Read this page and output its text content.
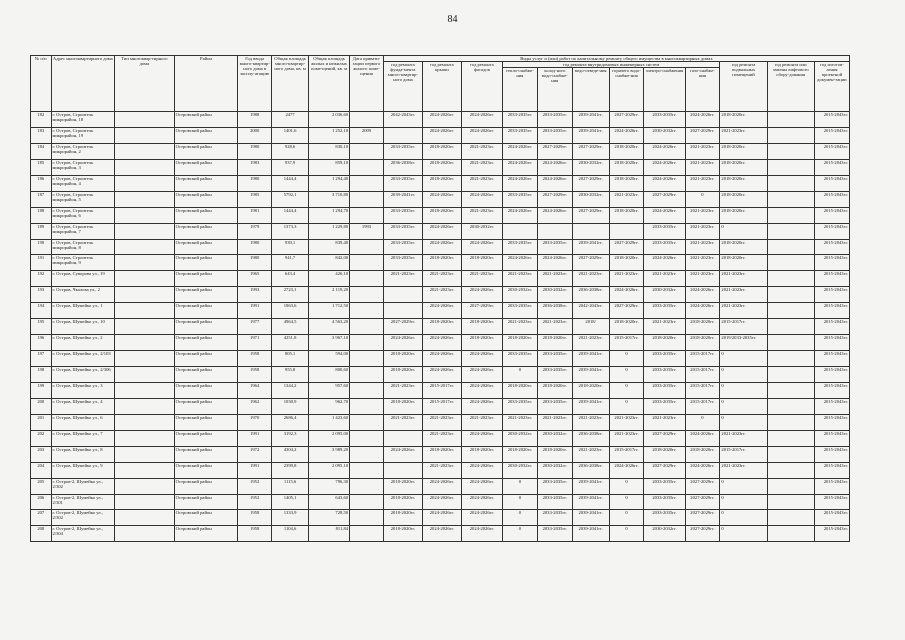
84
№ п/п	Адрес многоквартирного дома	Тип многоквар-тирного дома	Район	Год ввода много-квартир-ного дома в эксплу-атацию	Общая площадь много-квартир-ного дома, кв. м	Общая площадь жилых и нежилых поме-щений, кв. м	Дата привати-зации первого жилого поме-щения	Виды услуг и (или) работ по капитальному ремонту общего имущества в многоквартирных домах											
								год ремонта фунда-мента много-квартир-ного дома	год ремонта крыши	год ремонта фасадов	год ремонта внутридомовых инженерных систем						год ремонта подвальных помещений	год ремонта или замены лифтового обору-дования	год изготов-ления проектной докумен-тации
											тепло-снабже-ния	холод-ного водо-снабже-ния	водо-отведе-ния	горячего водо-снабже-ния	электро-снабжения	газо-снабже-ния			
182	г. Остров, Строитель микрорайон, 18		Островский район	1988	2477	2 036,60		2042-2043гг.	2024-2026гг.	2024-2026гг.	2033-2035гг.	2033-2035гг.	2039-2041гг.	2027-2029гг.	2033-2035гг.	2024-2026гг.	2018-2020гг.		2015-2043гг.
183	г. Остров, Строитель микрорайон, 19		Островский район	2000	1401,6	1 252,10	2009		2024-2026гг.	2024-2026гг.	2033-2035гг.	2033-2035гг.	2039-2041гг.	2024-2026гг.	2030-2032гг.	2027-2029гг.	2021-2023гг.		2015-2043гг.
184	г. Остров, Строитель микрорайон, 2		Островский район	1980	928,6	830,10		2033-2035гг.	2018-2020гг.	2021-2023гг.	2024-2026гг.	2027-2029гг.	2027-2029гг.	2018-2020гг.	2024-2026гг.	2021-2023гг.	2018-2020гг.		2015-2043гг.
185	г. Остров, Строитель микрорайон, 3		Островский район	1983	937,9	859,10		2036-2038гг.	2018-2020гг.	2021-2023гг.	2024-2026гг.	2024-2026гг.	2030-2032гг.	2018-2020гг.	2024-2026гг.	2021-2023гг.	2018-2020гг.		2015-2043гг.
186	г. Остров, Строитель микрорайон, 4		Островский район	1980	1444,4	1 294,40		2033-2035гг.	2018-2020гг.	2021-2023гг.	2024-2026гг.	2024-2026гг.	2027-2029гг.	2018-2020гг.	2024-2026гг.	2021-2023гг.	2018-2020гг.		2015-2043гг.
187	г. Остров, Строитель микрорайон, 5		Островский район	1985	5792,1	3 710,80		2039-2041гг.	2024-2026гг.	2024-2026гг.	2033-2035гг.	2027-2029гг.	2030-2032гг.	2021-2023гг.	2027-2029гг.	0	2018-2020гг.		2015-2043гг.
188	г. Остров, Строитель микрорайон, 6		Островский район	1981	1444,4	1 294,70		2033-2035гг.	2018-2020гг.	2021-2023гг.	2024-2026гг.	2024-2026гг.	2027-2029гг.	2018-2020гг.	2024-2026гг.	2021-2023гг.	2018-2020гг.		2015-2043гг.
189	г. Остров, Строитель микрорайон, 7		Островский район	1979	1373,3	1 229,80	1993	2033-2035гг.	2024-2026гг.	2030-2032гг.					2033-2035гг.	2021-2023гг.	0		2015-2043гг.
190	г. Остров, Строитель микрорайон, 8		Островский район	1980	939,1	839,40		2033-2035гг.	2024-2026гг.	2024-2026гг.	2033-2035гг.	2033-2035гг.	2039-2041гг.	2027-2029гг.	2033-2035гг.	2021-2023гг.	2018-2020гг.		2015-2043гг.
191	г. Остров, Строитель микрорайон, 9		Островский район	1980	941,7	842,00		2033-2035гг.	2018-2020гг.	2018-2020гг.	2024-2026гг.	2024-2026гг.	2027-2029гг.	2018-2020гг.	2024-2026гг.	2021-2023гг.	2018-2020гг.		2015-2043гг.
192	г. Остров, Суворова ул., 19		Островский район	1965	643,4	426,10		2021-2023гг.	2021-2023гг.	2021-2023гг.	2021-2023гг.	2021-2023гг.	2021-2023гг.	2021-2023гг.	2021-2023гг.	2021-2023гг.	2021-2023гг.		2015-2043гг.
193	г. Остров, Чкалова ул., 2		Островский район	1993	2723,1	2 119,20			2021-2023гг.	2024-2026гг.	2030-2032гг.	2030-2032гг.	2036-2038гг.	2024-2026гг.	2030-2032гг.	2024-2026гг.	2021-2023гг.		2015-2043гг.
194	г. Остров, Шумейко ул., 1		Островский район	1991	1963,6	1 712,50			2024-2026гг.	2027-2029гг.	2033-2035гг.	2036-2038гг.	2042-2043гг.	2027-2029гг.	2033-2035гг.	2024-2026гг.	2021-2023гг.		2015-2043гг.
195	г. Остров, Шумейко ул., 10		Островский район	1977	4964,5	4 563,20		2027-2029гг.	2018-2020гг.	2018-2020гг.	2021-2023гг.	2021-2023гг.	2018/	2018-2020гг.	2021-2023гг.	2018-2020гг.	2015-2017гг.		2015-2043гг.
196	г. Остров, Шумейко ул., 2		Островский район	1971	4251,8	3 967,10		2024-2026гг.	2024-2026гг.	2018-2020гг.	2018-2020гг.	2018-2020гг.	2021-2023гг.	2015-2017гг.	2018-2020гг.	2018-2020гг.	2019/2033-2035гг.		2015-2043гг.
197	г. Остров, Шумейко ул., 2/103		Островский район	1958	805,1	594,00		2018-2020гг.	2024-2026гг.	2024-2026гг.	2033-2035гг.	2033-2035гг.	2039-2041гг.	0	2033-2035гг.	2015-2017гг.	0		2015-2043гг.
198	г. Остров, Шумейко ул., 2/306		Островский район	1958	955,8	800,60		2018-2020гг.	2024-2026гг.	2024-2026гг.	0	2033-2035гг.	2039-2041гг.	0	2033-2035гг.	2015-2017гг.	0		2015-2043гг.
199	г. Остров, Шумейко ул., 3		Островский район	1964	1344,2	957,60		2021-2023гг.	2015-2017гг.	2024-2026гг.	2018-2020гг.	2018-2020гг.	2018-2020гг.	0	2033-2035гг.	2015-2017гг.	0		2015-2043гг.
200	г. Остров, Шумейко ул., 4		Островский район	1962	1030,9	962,70		2018-2020гг.	2015-2017гг.	2024-2026гг.	2033-2035гг.	2033-2035гг.	2039-2041гг.	0	2033-2035гг.	2015-2017гг.	0		2015-2043гг.
201	г. Остров, Шумейко ул., 6		Островский район	1970	2686,4	1 423,60		2021-2023гг.	2021-2023гг.	2021-2023гг.	2021-2023гг.	2021-2023гг.	2021-2023гг.	2021-2023гг.	2021-2023гг.	0	0		2015-2043гг.
202	г. Остров, Шумейко ул., 7		Островский район	1991	3192,3	2 095,00			2021-2023гг.	2024-2026гг.	2030-2032гг.	2030-2032гг.	2036-2038гг.	2021-2023гг.	2027-2029гг.	2024-2026гг.	2021-2023гг.		2015-2043гг.
203	г. Остров, Шумейко ул., 8		Островский район	1972	4304,2	3 989,20		2024-2026гг.	2018-2020гг.	2018-2020гг.	2018-2020гг.	2018-2020гг.	2021-2023гг.	2015-2017гг.	2018-2020гг.	2018-2020гг.	2015-2017гг.		2015-2043гг.
204	г. Остров, Шумейко ул., 9		Островский район	1991	2399,8	2 095,10			2021-2023гг.	2024-2026гг.	2030-2032гг.	2030-2032гг.	2036-2038гг.	2024-2026гг.	2027-2029гг.	2024-2026гг.	2021-2023гг.		2015-2043гг.
205	г. Остров-2, Шумейко ул., 2/302		Островский район	1952	1115,6	796,30		2018-2020гг.	2024-2026гг.	2024-2026гг.	0	2033-2035гг.	2039-2041гг.	0	2033-2035гг.	2027-2029гг.	0		2015-2043гг.
206	г. Остров-2, Шумейко ул., 2/301		Островский район	1952	1405,1	643,60		2018-2020гг.	2024-2026гг.	2024-2026гг.	0	2033-2035гг.	2039-2041гг.	0	2033-2035гг.	2027-2029гг.	0		2015-2043гг.
207	г. Остров-2, Шумейко ул., 2/302		Островский район	1958	1333,9	728,50		2018-2020гг.	2024-2026гг.	2024-2026гг.	0	2033-2035гг.	2039-2041гг.	0	2033-2035гг.	2027-2029гг.	0		2015-2043гг.
208	г. Остров-2, Шумейко ул., 2/304		Островский район	1958	1104,6	811,84		2018-2020гг.	2024-2026гг.	2024-2026гг.	0	2033-2035гг.	2039-2041гг.	0	2030-2032гг.	2027-2029гг.	0		2015-2043гг.
